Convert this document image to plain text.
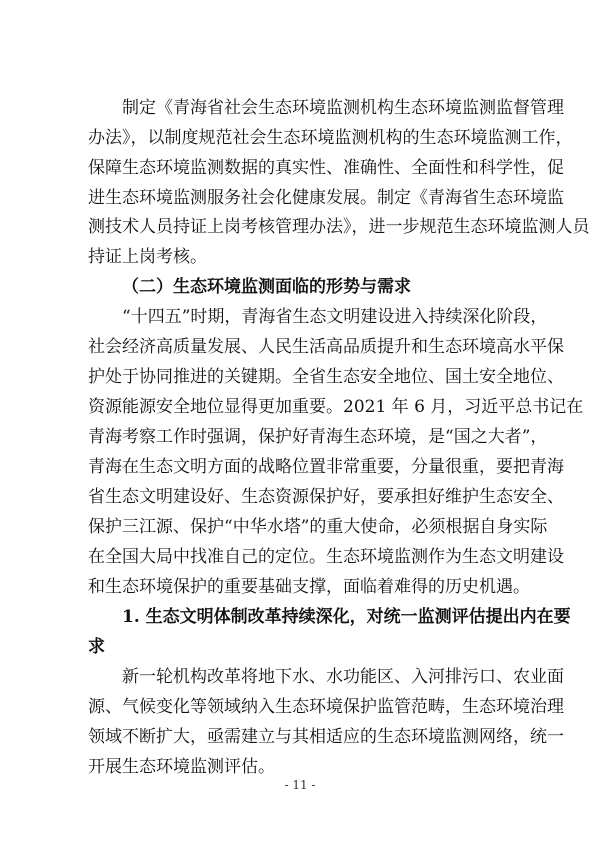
制定《青海省社会生态环境监测机构生态环境监测监督管理
办法》，以制度规范社会生态环境监测机构的生态环境监测工作，
保障生态环境监测数据的真实性、准确性、全面性和科学性，促
进生态环境监测服务社会化健康发展。制定《青海省生态环境监
测技术人员持证上岗考核管理办法》，进一步规范生态环境监测人员
持证上岗考核。
（二）生态环境监测面临的形势与需求
“十四五”时期，青海省生态文明建设进入持续深化阶段，
社会经济高质量发展、人民生活高品质提升和生态环境高水平保
护处于协同推进的关键期。全省生态安全地位、国土安全地位、
资源能源安全地位显得更加重要。2021 年 6 月，习近平总书记在
青海考察工作时强调，保护好青海生态环境，是“国之大者”，
青海在生态文明方面的战略位置非常重要，分量很重，要把青海
省生态文明建设好、生态资源保护好，要承担好维护生态安全、
保护三江源、保护“中华水塔”的重大使命，必须根据自身实际
在全国大局中找准自己的定位。生态环境监测作为生态文明建设
和生态环境保护的重要基础支撑，面临着难得的历史机遇。
1. 生态文明体制改革持续深化，对统一监测评估提出内在要
求
新一轮机构改革将地下水、水功能区、入河排污口、农业面
源、气候变化等领域纳入生态环境保护监管范畴，生态环境治理
领域不断扩大，亟需建立与其相适应的生态环境监测网络，统一
开展生态环境监测评估。
- 11 -
